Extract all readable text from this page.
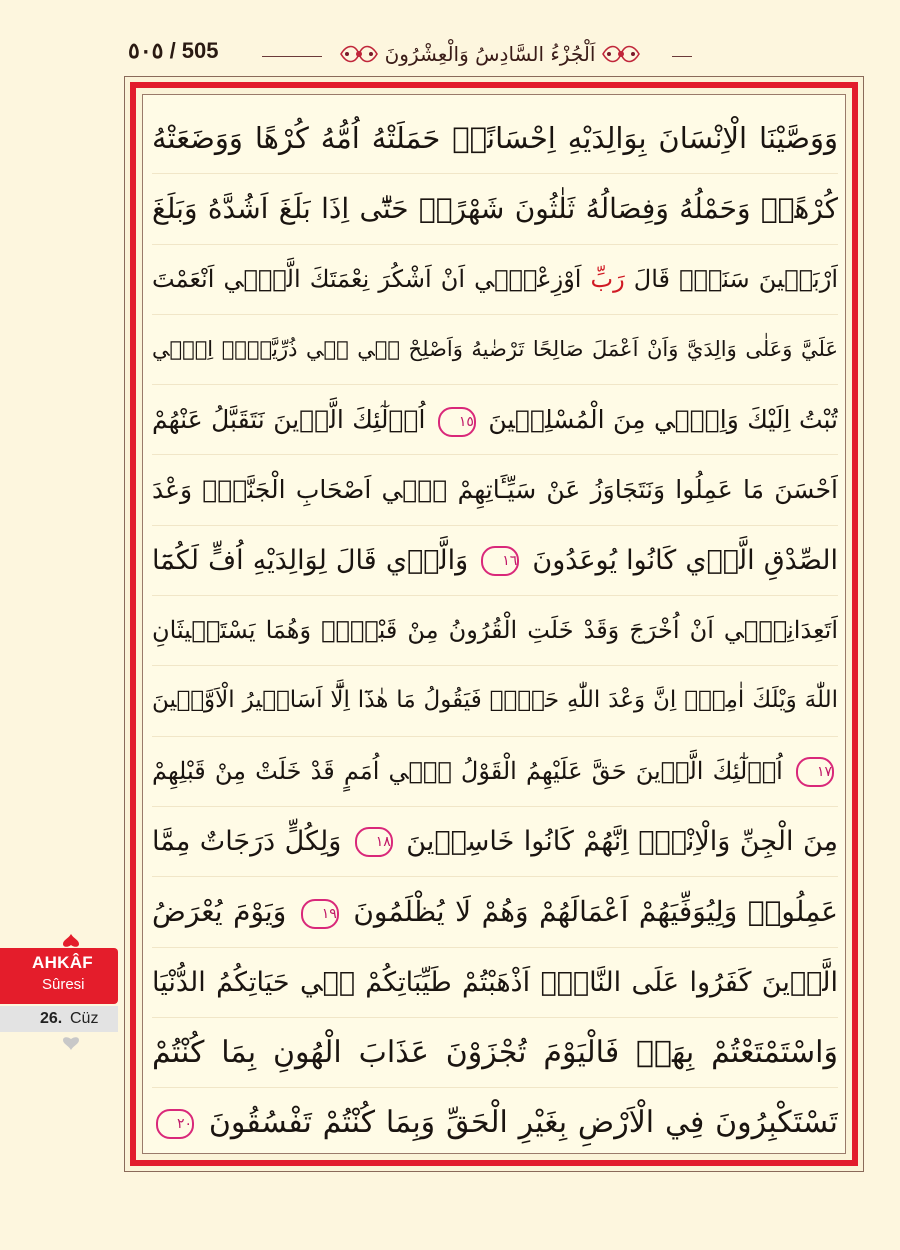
٥٠٥ / 505	اَلْجُزْءُ السَّادِسُ وَالْعِشْرُونَ
وَوَصَّيْنَا الْاِنْسَانَ بِوَالِدَيْهِ اِحْسَانًاۜ حَمَلَتْهُ اُمُّهُ كُرْهًا وَوَضَعَتْهُ
كُرْهًاۜ وَحَمْلُهُ وَفِصَالُهُ ثَلٰثُونَ شَهْرًاۜ حَتّٰٓى اِذَا بَلَغَ اَشُدَّهُ وَبَلَغَ
اَرْبَع۪ينَ سَنَةًۙ قَالَ رَبِّ اَوْزِعْن۪ٓي اَنْ اَشْكُرَ نِعْمَتَكَ الَّت۪ٓي اَنْعَمْتَ
عَلَيَّ وَعَلٰى وَالِدَيَّ وَاَنْ اَعْمَلَ صَالِحًا تَرْضٰيهُ وَاَصْلِحْ ل۪ي ف۪ي ذُرِّيَّت۪يۚ اِنّ۪ي
تُبْتُ اِلَيْكَ وَاِنّ۪ي مِنَ الْمُسْلِم۪ينَ ١٥ اُو۬لٰٓئِكَ الَّذ۪ينَ نَتَقَبَّلُ عَنْهُمْ
اَحْسَنَ مَا عَمِلُوا وَنَتَجَاوَزُ عَنْ سَيِّـَٔاتِهِمْ ف۪ٓي اَصْحَابِ الْجَنَّةِۜ وَعْدَ
الصِّدْقِ الَّذ۪ي كَانُوا يُوعَدُونَ ١٦ وَالَّذ۪ي قَالَ لِوَالِدَيْهِ اُفٍّ لَكُمَٓا
اَتَعِدَانِن۪ٓي اَنْ اُخْرَجَ وَقَدْ خَلَتِ الْقُرُونُ مِنْ قَبْل۪يۚ وَهُمَا يَسْتَغ۪يثَانِ
اللّٰهَ وَيْلَكَ اٰمِنْۗ اِنَّ وَعْدَ اللّٰهِ حَقٌّۚ فَيَقُولُ مَا هٰذَٓا اِلَّٓا اَسَاط۪يرُ الْاَوَّل۪ينَ
١٧ اُو۬لٰٓئِكَ الَّذ۪ينَ حَقَّ عَلَيْهِمُ الْقَوْلُ ف۪ٓي اُمَمٍ قَدْ خَلَتْ مِنْ قَبْلِهِمْ
مِنَ الْجِنِّ وَالْاِنْسِۜ اِنَّهُمْ كَانُوا خَاسِر۪ينَ ١٨ وَلِكُلٍّ دَرَجَاتٌ مِمَّا
عَمِلُواۚ وَلِيُوَفِّيَهُمْ اَعْمَالَهُمْ وَهُمْ لَا يُظْلَمُونَ ١٩ وَيَوْمَ يُعْرَضُ
الَّذ۪ينَ كَفَرُوا عَلَى النَّارِۜ اَذْهَبْتُمْ طَيِّبَاتِكُمْ ف۪ي حَيَاتِكُمُ الدُّنْيَا
وَاسْتَمْتَعْتُمْ بِهَاۚ فَالْيَوْمَ تُجْزَوْنَ عَذَابَ الْهُونِ بِمَا كُنْتُمْ
تَسْتَكْبِرُونَ فِي الْاَرْضِ بِغَيْرِ الْحَقِّ وَبِمَا كُنْتُمْ تَفْسُقُونَ ٢٠
AHKÂF
Sûresi
26. Cüz
